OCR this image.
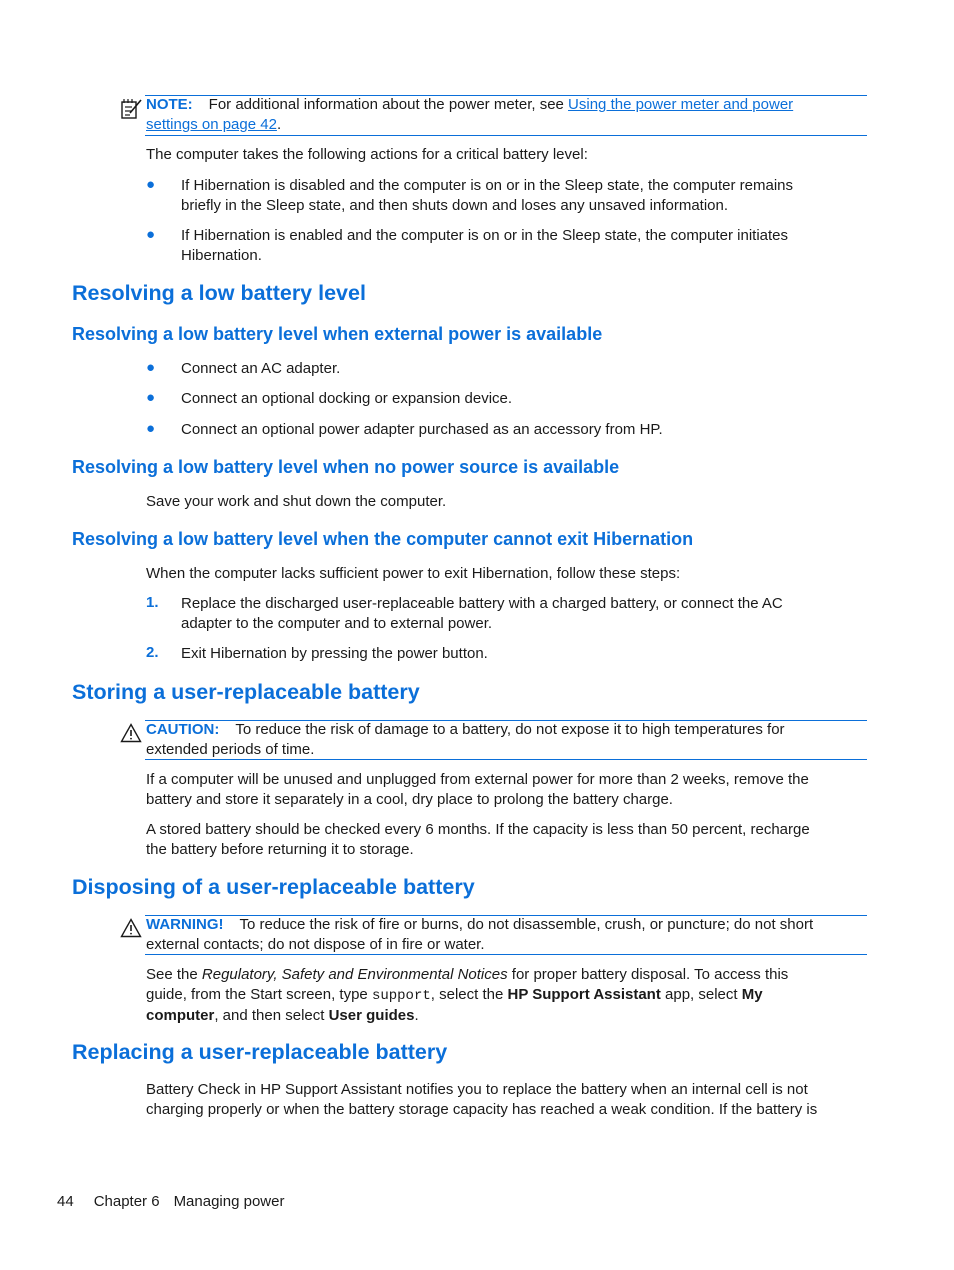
NOTE: For additional information about the power meter, see Using the power meter and power
settings on page 42.
The computer takes the following actions for a critical battery level:
● If Hibernation is disabled and the computer is on or in the Sleep state, the computer remains
briefly in the Sleep state, and then shuts down and loses any unsaved information.
● If Hibernation is enabled and the computer is on or in the Sleep state, the computer initiates
Hibernation.
Resolving a low battery level
Resolving a low battery level when external power is available
● Connect an AC adapter.
● Connect an optional docking or expansion device.
● Connect an optional power adapter purchased as an accessory from HP.
Resolving a low battery level when no power source is available
Save your work and shut down the computer.
Resolving a low battery level when the computer cannot exit Hibernation
When the computer lacks sufficient power to exit Hibernation, follow these steps:
1. Replace the discharged user-replaceable battery with a charged battery, or connect the AC
adapter to the computer and to external power.
2. Exit Hibernation by pressing the power button.
Storing a user-replaceable battery
CAUTION: To reduce the risk of damage to a battery, do not expose it to high temperatures for
extended periods of time.
If a computer will be unused and unplugged from external power for more than 2 weeks, remove the
battery and store it separately in a cool, dry place to prolong the battery charge.
A stored battery should be checked every 6 months. If the capacity is less than 50 percent, recharge
the battery before returning it to storage.
Disposing of a user-replaceable battery
WARNING! To reduce the risk of fire or burns, do not disassemble, crush, or puncture; do not short
external contacts; do not dispose of in fire or water.
See the Regulatory, Safety and Environmental Notices for proper battery disposal. To access this
guide, from the Start screen, type support, select the HP Support Assistant app, select My
computer, and then select User guides.
Replacing a user-replaceable battery
Battery Check in HP Support Assistant notifies you to replace the battery when an internal cell is not
charging properly or when the battery storage capacity has reached a weak condition. If the battery is
44 Chapter 6 Managing power
